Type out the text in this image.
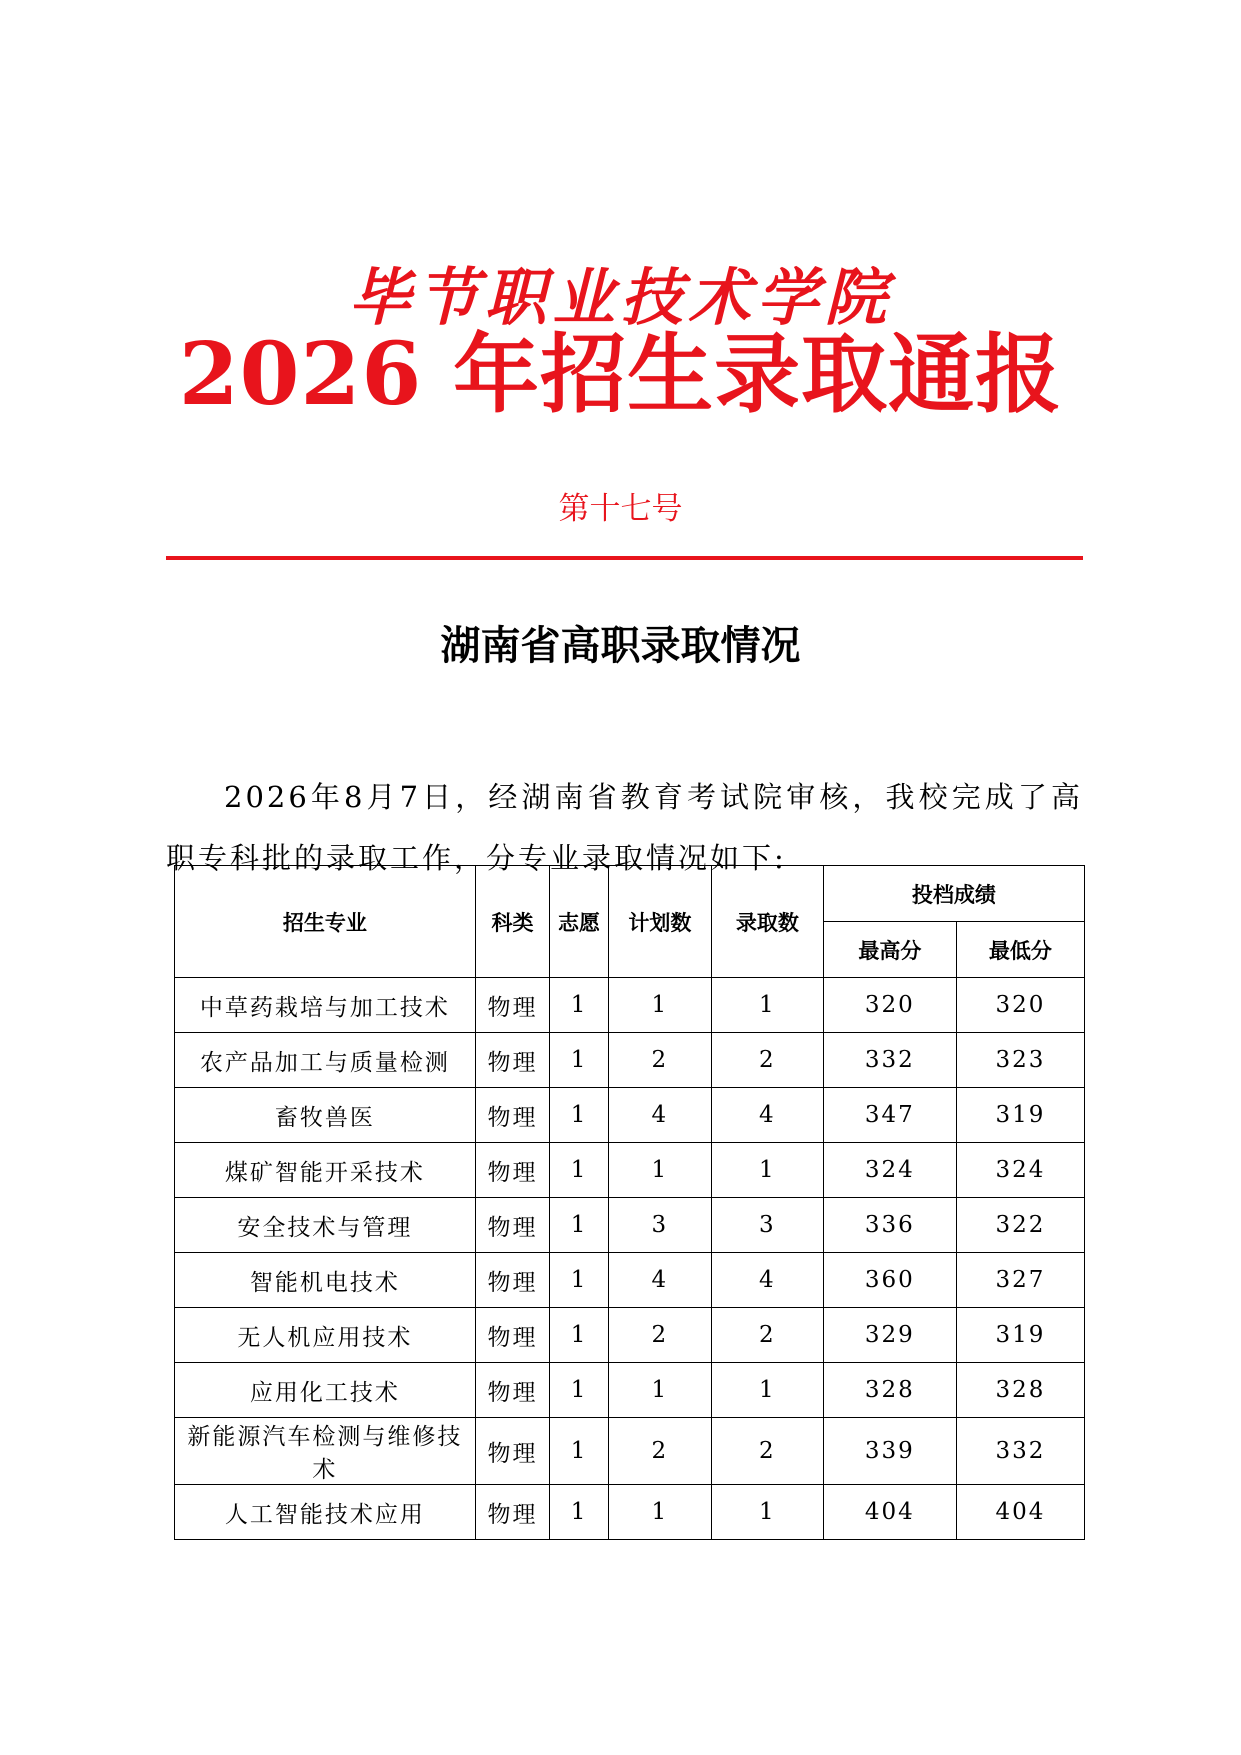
毕节职业技术学院
2026 年招生录取通报
第十七号
湖南省高职录取情况

2026年8月7日，经湖南省教育考试院审核，我校完成了高职专科批的录取工作，分专业录取情况如下:

招生专业	科类	志愿	计划数	录取数	投档成绩	
					最高分	最低分
中草药栽培与加工技术	物理	1	1	1	320	320
农产品加工与质量检测	物理	1	2	2	332	323
畜牧兽医	物理	1	4	4	347	319
煤矿智能开采技术	物理	1	1	1	324	324
安全技术与管理	物理	1	3	3	336	322
智能机电技术	物理	1	4	4	360	327
无人机应用技术	物理	1	2	2	329	319
应用化工技术	物理	1	1	1	328	328
新能源汽车检测与维修技术	物理	1	2	2	339	332
人工智能技术应用	物理	1	1	1	404	404
